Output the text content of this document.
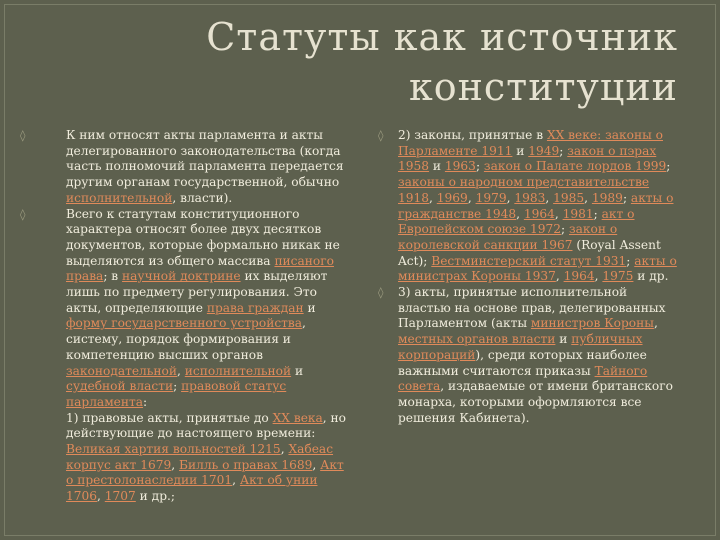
Статуты как источник
конституции
◊	К ним относят акты парламента и акты делегированного законодательства (когда часть полномочий парламента передается другим органам государственной, обычно исполнительной, власти).
◊	Всего к статутам конституционного характера относят более двух десятков документов, которые формально никак не выделяются из общего массива писаного права; в научной доктрине их выделяют лишь по предмету регулирования. Это акты, определяющие права граждан и форму государственного устройства, систему, порядок формирования и компетенцию высших органов законодательной, исполнительной и судебной власти; правовой статус парламента:
1) правовые акты, принятые до XX века, но действующие до настоящего времени: Великая хартия вольностей 1215, Хабеас корпус акт 1679, Билль о правах 1689, Акт о престолонаследии 1701, Акт об унии 1706, 1707 и др.;
◊ 2) законы, принятые в XX веке: законы о Парламенте 1911 и 1949; закон о пэрах 1958 и 1963; закон о Палате лордов 1999; законы о народном представительстве 1918, 1969, 1979, 1983, 1985, 1989; акты о гражданстве 1948, 1964, 1981; акт о Европейском союзе 1972; закон о королевской санкции 1967 (Royal Assent Act); Вестминстерский статут 1931; акты о министрах Короны 1937, 1964, 1975 и др.
◊ 3) акты, принятые исполнительной властью на основе прав, делегированных Парламентом (акты министров Короны, местных органов власти и публичных корпораций), среди которых наиболее важными считаются приказы Тайного совета, издаваемые от имени британского монарха, которыми оформляются все решения Кабинета).
